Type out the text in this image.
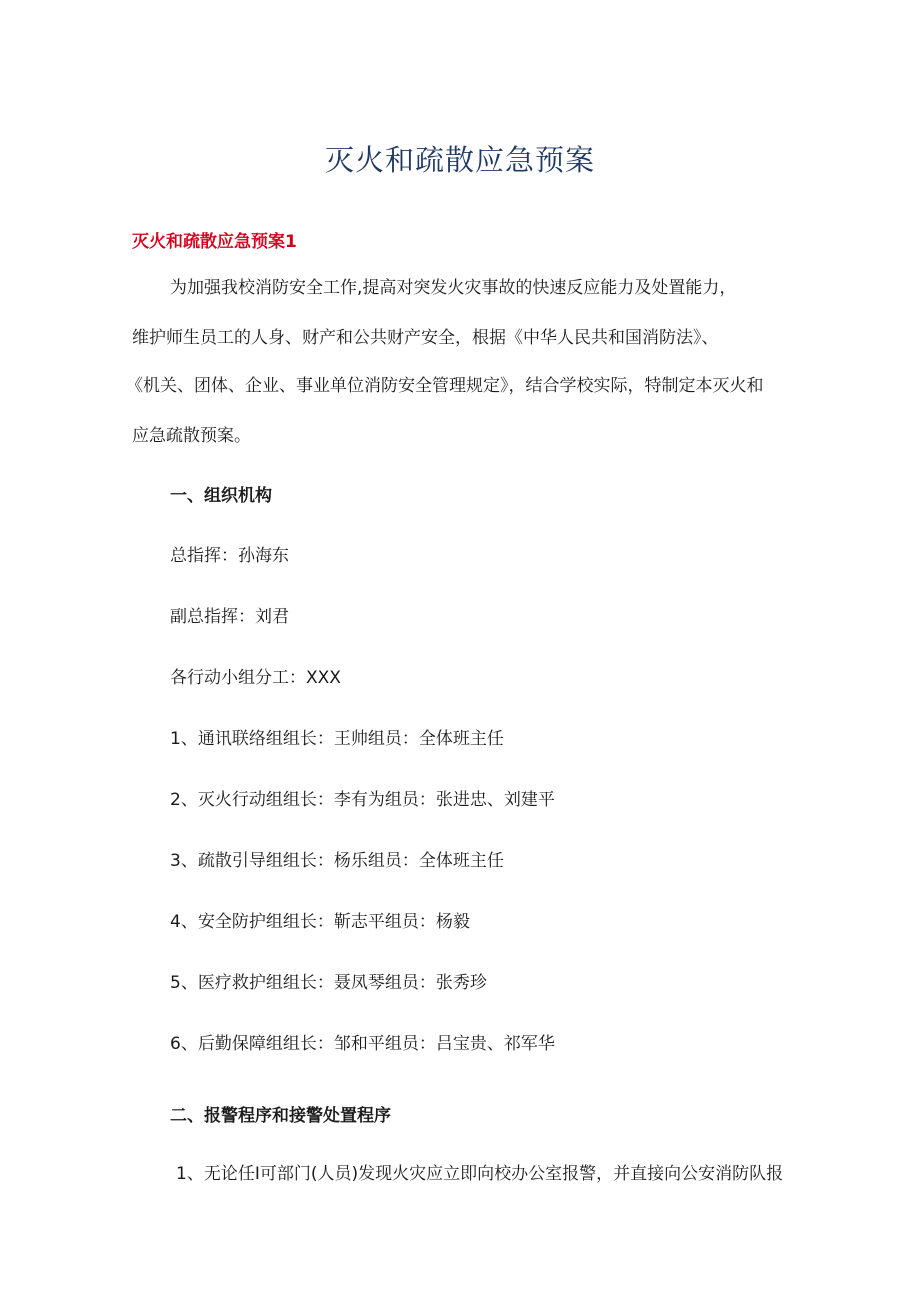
灭火和疏散应急预案
灭火和疏散应急预案1
为加强我校消防安全工作,提高对突发火灾事故的快速反应能力及处置能力，
维护师生员工的人身、财产和公共财产安全，根据《中华人民共和国消防法》、
《机关、团体、企业、事业单位消防安全管理规定》，结合学校实际，特制定本灭火和
应急疏散预案。
一、组织机构
总指挥：孙海东
副总指挥：刘君
各行动小组分工：XXX
1、通讯联络组组长：王帅组员：全体班主任
2、灭火行动组组长：李有为组员：张进忠、刘建平
3、疏散引导组组长：杨乐组员：全体班主任
4、安全防护组组长：靳志平组员：杨毅
5、医疗救护组组长：聂凤琴组员：张秀珍
6、后勤保障组组长：邹和平组员：吕宝贵、祁军华
二、报警程序和接警处置程序
1、无论任I可部门(人员)发现火灾应立即向校办公室报警，并直接向公安消防队报
